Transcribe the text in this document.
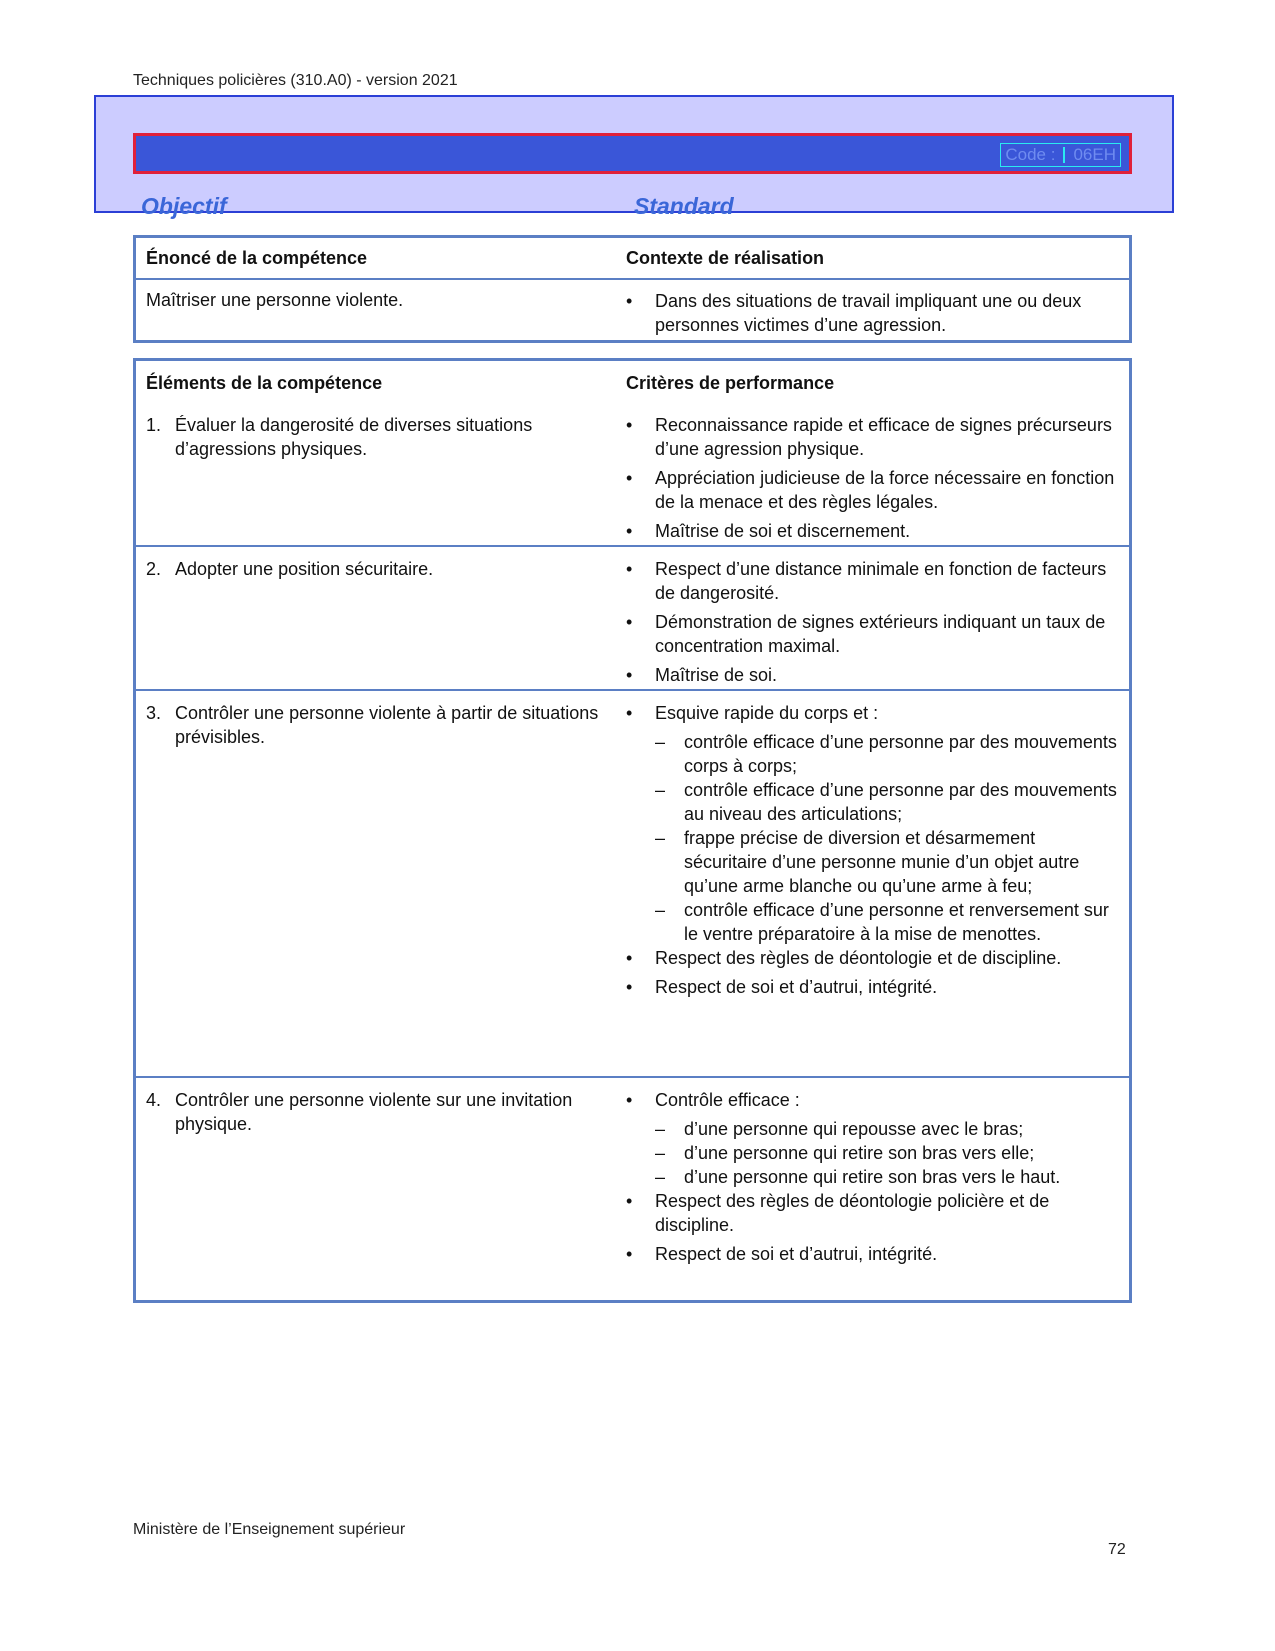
Techniques policières (310.A0) - version 2021
Code : 06EH
Objectif	Standard
Énoncé de la compétence	Contexte de réalisation
Maîtriser une personne violente.	•	Dans des situations de travail impliquant une ou deux personnes victimes d’une agression.
Éléments de la compétence	Critères de performance
1. Évaluer la dangerosité de diverses situations d’agressions physiques.
•	Reconnaissance rapide et efficace de signes précurseurs d’une agression physique.
•	Appréciation judicieuse de la force nécessaire en fonction de la menace et des règles légales.
•	Maîtrise de soi et discernement.
2. Adopter une position sécuritaire.	•	Respect d’une distance minimale en fonction de facteurs de dangerosité.
•	Démonstration de signes extérieurs indiquant un taux de concentration maximal.
•	Maîtrise de soi.
3. Contrôler une personne violente à partir de situations prévisibles.
•	Esquive rapide du corps et :
–	contrôle efficace d’une personne par des mouvements corps à corps;
–	contrôle efficace d’une personne par des mouvements au niveau des articulations;
–	frappe précise de diversion et désarmement sécuritaire d’une personne munie d’un objet autre qu’une arme blanche ou qu’une arme à feu;
–	contrôle efficace d’une personne et renversement sur le ventre préparatoire à la mise de menottes.
•	Respect des règles de déontologie et de discipline.
•	Respect de soi et d’autrui, intégrité.
4. Contrôler une personne violente sur une invitation physique.
•	Contrôle efficace :
–	d’une personne qui repousse avec le bras;
–	d’une personne qui retire son bras vers elle;
–	d’une personne qui retire son bras vers le haut.
•	Respect des règles de déontologie policière et de discipline.
•	Respect de soi et d’autrui, intégrité.
Ministère de l’Enseignement supérieur
72
